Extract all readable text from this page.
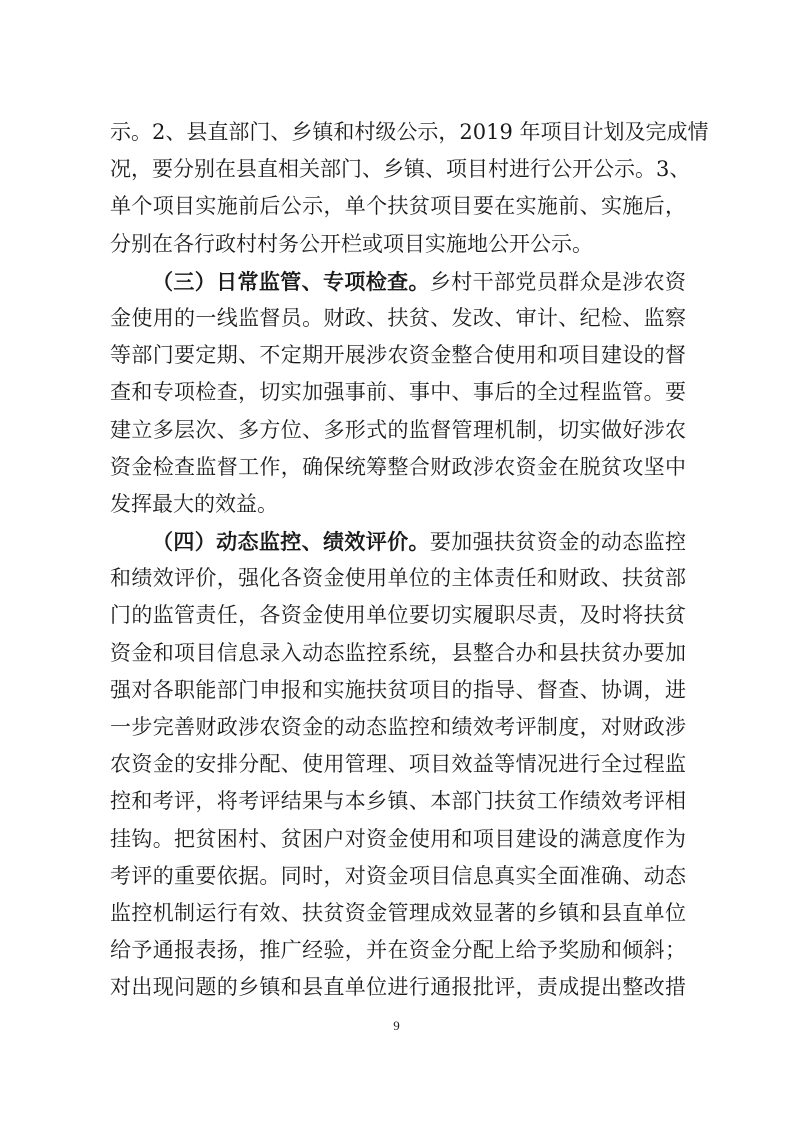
示。2、县直部门、乡镇和村级公示，2019 年项目计划及完成情
况，要分别在县直相关部门、乡镇、项目村进行公开公示。3、
单个项目实施前后公示，单个扶贫项目要在实施前、实施后，
分别在各行政村村务公开栏或项目实施地公开公示。
（三）日常监管、专项检查。乡村干部党员群众是涉农资
金使用的一线监督员。财政、扶贫、发改、审计、纪检、监察
等部门要定期、不定期开展涉农资金整合使用和项目建设的督
查和专项检查，切实加强事前、事中、事后的全过程监管。要
建立多层次、多方位、多形式的监督管理机制，切实做好涉农
资金检查监督工作，确保统筹整合财政涉农资金在脱贫攻坚中
发挥最大的效益。
（四）动态监控、绩效评价。要加强扶贫资金的动态监控
和绩效评价，强化各资金使用单位的主体责任和财政、扶贫部
门的监管责任，各资金使用单位要切实履职尽责，及时将扶贫
资金和项目信息录入动态监控系统，县整合办和县扶贫办要加
强对各职能部门申报和实施扶贫项目的指导、督查、协调，进
一步完善财政涉农资金的动态监控和绩效考评制度，对财政涉
农资金的安排分配、使用管理、项目效益等情况进行全过程监
控和考评，将考评结果与本乡镇、本部门扶贫工作绩效考评相
挂钩。把贫困村、贫困户对资金使用和项目建设的满意度作为
考评的重要依据。同时，对资金项目信息真实全面准确、动态
监控机制运行有效、扶贫资金管理成效显著的乡镇和县直单位
给予通报表扬，推广经验，并在资金分配上给予奖励和倾斜；
对出现问题的乡镇和县直单位进行通报批评，责成提出整改措
9
